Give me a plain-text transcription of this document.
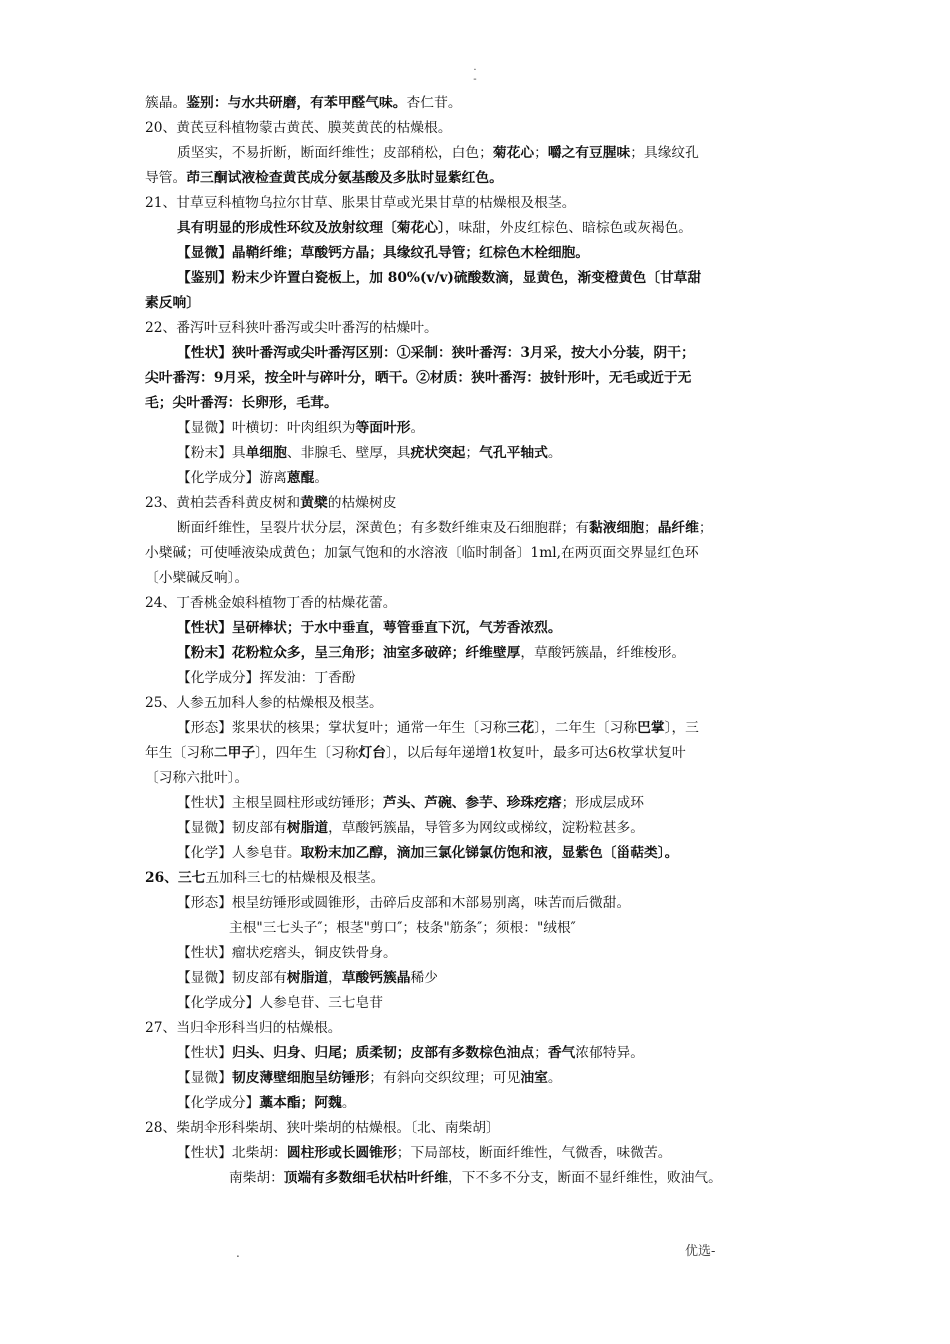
.
-
簇晶。鉴别：与水共研磨，有苯甲醛气味。杏仁苷。
20、黄芪豆科植物蒙古黄芪、膜荚黄芪的枯燥根。
质坚实，不易折断，断面纤维性；皮部稍松，白色；菊花心；嚼之有豆腥味；具缘纹孔
导管。茚三酮试液检查黄芪成分氨基酸及多肽时显紫红色。
21、甘草豆科植物乌拉尔甘草、胀果甘草或光果甘草的枯燥根及根茎。
具有明显的形成性环纹及放射纹理〔菊花心〕，味甜，外皮红棕色、暗棕色或灰褐色。
【显微】晶鞘纤维；草酸钙方晶；具缘纹孔导管；红棕色木栓细胞。
【鉴别】粉末少许置白瓷板上，加 80%(v/v)硫酸数滴，显黄色，渐变橙黄色〔甘草甜
素反响〕
22、番泻叶豆科狭叶番泻或尖叶番泻的枯燥叶。
【性状】狭叶番泻或尖叶番泻区别：①采制：狭叶番泻：3月采，按大小分装，阴干；
尖叶番泻：9月采，按全叶与碎叶分，晒干。②材质：狭叶番泻：披针形叶，无毛或近于无
毛；尖叶番泻：长卵形，毛茸。
【显微】叶横切：叶肉组织为等面叶形。
【粉末】具单细胞、非腺毛、壁厚，具疣状突起；气孔平轴式。
【化学成分】游离蒽醌。
23、黄柏芸香科黄皮树和黄檗的枯燥树皮
断面纤维性，呈裂片状分层，深黄色；有多数纤维束及石细胞群；有黏液细胞；晶纤维；
小檗碱；可使唾液染成黄色；加氯气饱和的水溶液〔临时制备〕1ml,在两页面交界显红色环
〔小檗碱反响〕。
24、丁香桃金娘科植物丁香的枯燥花蕾。
【性状】呈研棒状；于水中垂直，萼管垂直下沉，气芳香浓烈。
【粉末】花粉粒众多，呈三角形；油室多破碎；纤维壁厚，草酸钙簇晶，纤维梭形。
【化学成分】挥发油：丁香酚
25、人参五加科人参的枯燥根及根茎。
【形态】浆果状的核果；掌状复叶；通常一年生〔习称三花〕，二年生〔习称巴掌〕，三
年生〔习称二甲子〕，四年生〔习称灯台〕，以后每年递增1枚复叶，最多可达6枚掌状复叶
〔习称六批叶〕。
【性状】主根呈圆柱形或纺锤形；芦头、芦碗、参芋、珍珠疙瘩；形成层成环
【显微】韧皮部有树脂道，草酸钙簇晶，导管多为网纹或梯纹，淀粉粒甚多。
【化学】人参皂苷。取粉末加乙醇，滴加三氯化锑氯仿饱和液，显紫色〔甾萜类〕。
26、三七五加科三七的枯燥根及根茎。
【形态】根呈纺锤形或圆锥形，击碎后皮部和木部易别离，味苦而后微甜。
主根"三七头子″；根茎"剪口″；枝条"筋条″；须根："绒根″
【性状】瘤状疙瘩头，铜皮铁骨身。
【显微】韧皮部有树脂道，草酸钙簇晶稀少
【化学成分】人参皂苷、三七皂苷
27、当归伞形科当归的枯燥根。
【性状】归头、归身、归尾；质柔韧；皮部有多数棕色油点；香气浓郁特异。
【显微】韧皮薄壁细胞呈纺锤形；有斜向交织纹理；可见油室。
【化学成分】藁本酯；阿魏。
28、柴胡伞形科柴胡、狭叶柴胡的枯燥根。〔北、南柴胡〕
【性状】北柴胡：圆柱形或长圆锥形；下局部枝，断面纤维性，气微香，味微苦。
南柴胡：顶端有多数细毛状枯叶纤维，下不多不分支，断面不显纤维性，败油气。
.	优选-
